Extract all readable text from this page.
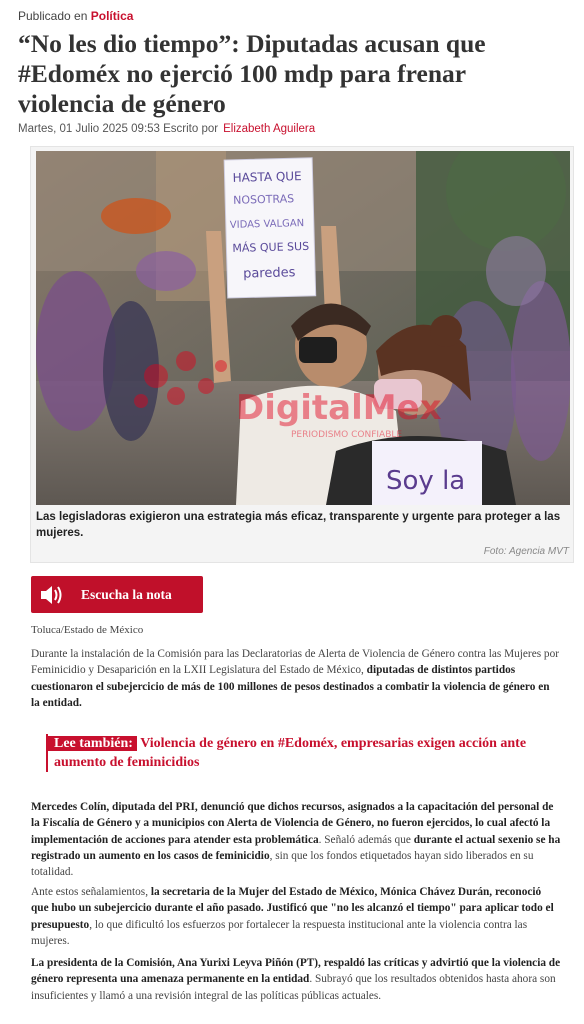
Publicado en Política
“No les dio tiempo”: Diputadas acusan que #Edoméx no ejerció 100 mdp para frenar violencia de género
Martes, 01 Julio 2025 09:53 Escrito por Elizabeth Aguilera
Soy la
HASTA QUE
NOSOTRAS
VIDAS VALGAN
MÁS QUE SUS
paredes
DigitalMex
PERIODISMO CONFIABLE
Las legisladoras exigieron una estrategia más eficaz, transparente y urgente para proteger a las mujeres.
Foto: Agencia MVT
Escucha la nota
Toluca/Estado de México

Durante la instalación de la Comisión para las Declaratorias de Alerta de Violencia de Género contra las Mujeres por Feminicidio y Desaparición en la LXII Legislatura del Estado de México, diputadas de distintos partidos cuestionaron el subejercicio de más de 100 millones de pesos destinados a combatir la violencia de género en la entidad.

Lee también: Violencia de género en #Edoméx, empresarias exigen acción ante aumento de feminicidios

Mercedes Colín, diputada del PRI, denunció que dichos recursos, asignados a la capacitación del personal de la Fiscalía de Género y a municipios con Alerta de Violencia de Género, no fueron ejercidos, lo cual afectó la implementación de acciones para atender esta problemática. Señaló además que durante el actual sexenio se ha registrado un aumento en los casos de feminicidio, sin que los fondos etiquetados hayan sido liberados en su totalidad.

Ante estos señalamientos, la secretaria de la Mujer del Estado de México, Mónica Chávez Durán, reconoció que hubo un subejercicio durante el año pasado. Justificó que "no les alcanzó el tiempo" para aplicar todo el presupuesto, lo que dificultó los esfuerzos por fortalecer la respuesta institucional ante la violencia contra las mujeres.

La presidenta de la Comisión, Ana Yurixi Leyva Piñón (PT), respaldó las críticas y advirtió que la violencia de género representa una amenaza permanente en la entidad. Subrayó que los resultados obtenidos hasta ahora son insuficientes y llamó a una revisión integral de las políticas públicas actuales.
